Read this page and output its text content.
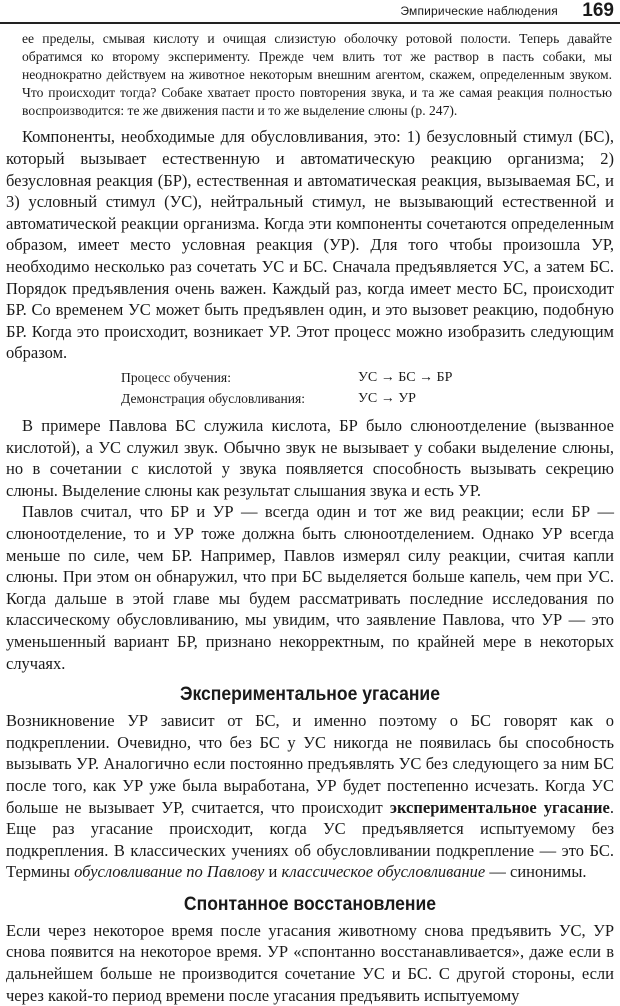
Эмпирические наблюдения 169

ее пределы, смывая кислоту и очищая слизистую оболочку ротовой полости. Теперь давайте обратимся ко второму эксперименту. Прежде чем влить тот же раствор в пасть собаки, мы неоднократно действуем на животное некоторым внешним агентом, скажем, определенным звуком. Что происходит тогда? Собаке хватает просто повторения звука, и та же самая реакция полностью воспроизводится: те же движения пасти и то же выделение слюны (р. 247).

Компоненты, необходимые для обусловливания, это: 1) безусловный стимул (БС), который вызывает естественную и автоматическую реакцию организма; 2) безусловная реакция (БР), естественная и автоматическая реакция, вызываемая БС, и 3) условный стимул (УС), нейтральный стимул, не вызывающий естественной и автоматической реакции организма. Когда эти компоненты сочетаются определенным образом, имеет место условная реакция (УР). Для того чтобы произошла УР, необходимо несколько раз сочетать УС и БС. Сначала предъявляется УС, а затем БС. Порядок предъявления очень важен. Каждый раз, когда имеет место БС, происходит БР. Со временем УС может быть предъявлен один, и это вызовет реакцию, подобную БР. Когда это происходит, возникает УР. Этот процесс можно изобразить следующим образом.

Процесс обучения:	УС → БС → БР
Демонстрация обусловливания:	УС → УР

В примере Павлова БС служила кислота, БР было слюноотделение (вызванное кислотой), а УС служил звук. Обычно звук не вызывает у собаки выделение слюны, но в сочетании с кислотой у звука появляется способность вызывать секрецию слюны. Выделение слюны как результат слышания звука и есть УР.

Павлов считал, что БР и УР — всегда один и тот же вид реакции; если БР — слюноотделение, то и УР тоже должна быть слюноотделением. Однако УР всегда меньше по силе, чем БР. Например, Павлов измерял силу реакции, считая капли слюны. При этом он обнаружил, что при БС выделяется больше капель, чем при УС. Когда дальше в этой главе мы будем рассматривать последние исследования по классическому обусловливанию, мы увидим, что заявление Павлова, что УР — это уменьшенный вариант БР, признано некорректным, по крайней мере в некоторых случаях.

Экспериментальное угасание

Возникновение УР зависит от БС, и именно поэтому о БС говорят как о подкреплении. Очевидно, что без БС у УС никогда не появилась бы способность вызывать УР. Аналогично если постоянно предъявлять УС без следующего за ним БС после того, как УР уже была выработана, УР будет постепенно исчезать. Когда УС больше не вызывает УР, считается, что происходит экспериментальное угасание. Еще раз угасание происходит, когда УС предъявляется испытуемому без подкрепления. В классических учениях об обусловливании подкрепление — это БС. Термины обусловливание по Павлову и классическое обусловливание — синонимы.

Спонтанное восстановление

Если через некоторое время после угасания животному снова предъявить УС, УР снова появится на некоторое время. УР «спонтанно восстанавливается», даже если в дальнейшем больше не производится сочетание УС и БС. С другой стороны, если через какой-то период времени после угасания предъявить испытуемому
